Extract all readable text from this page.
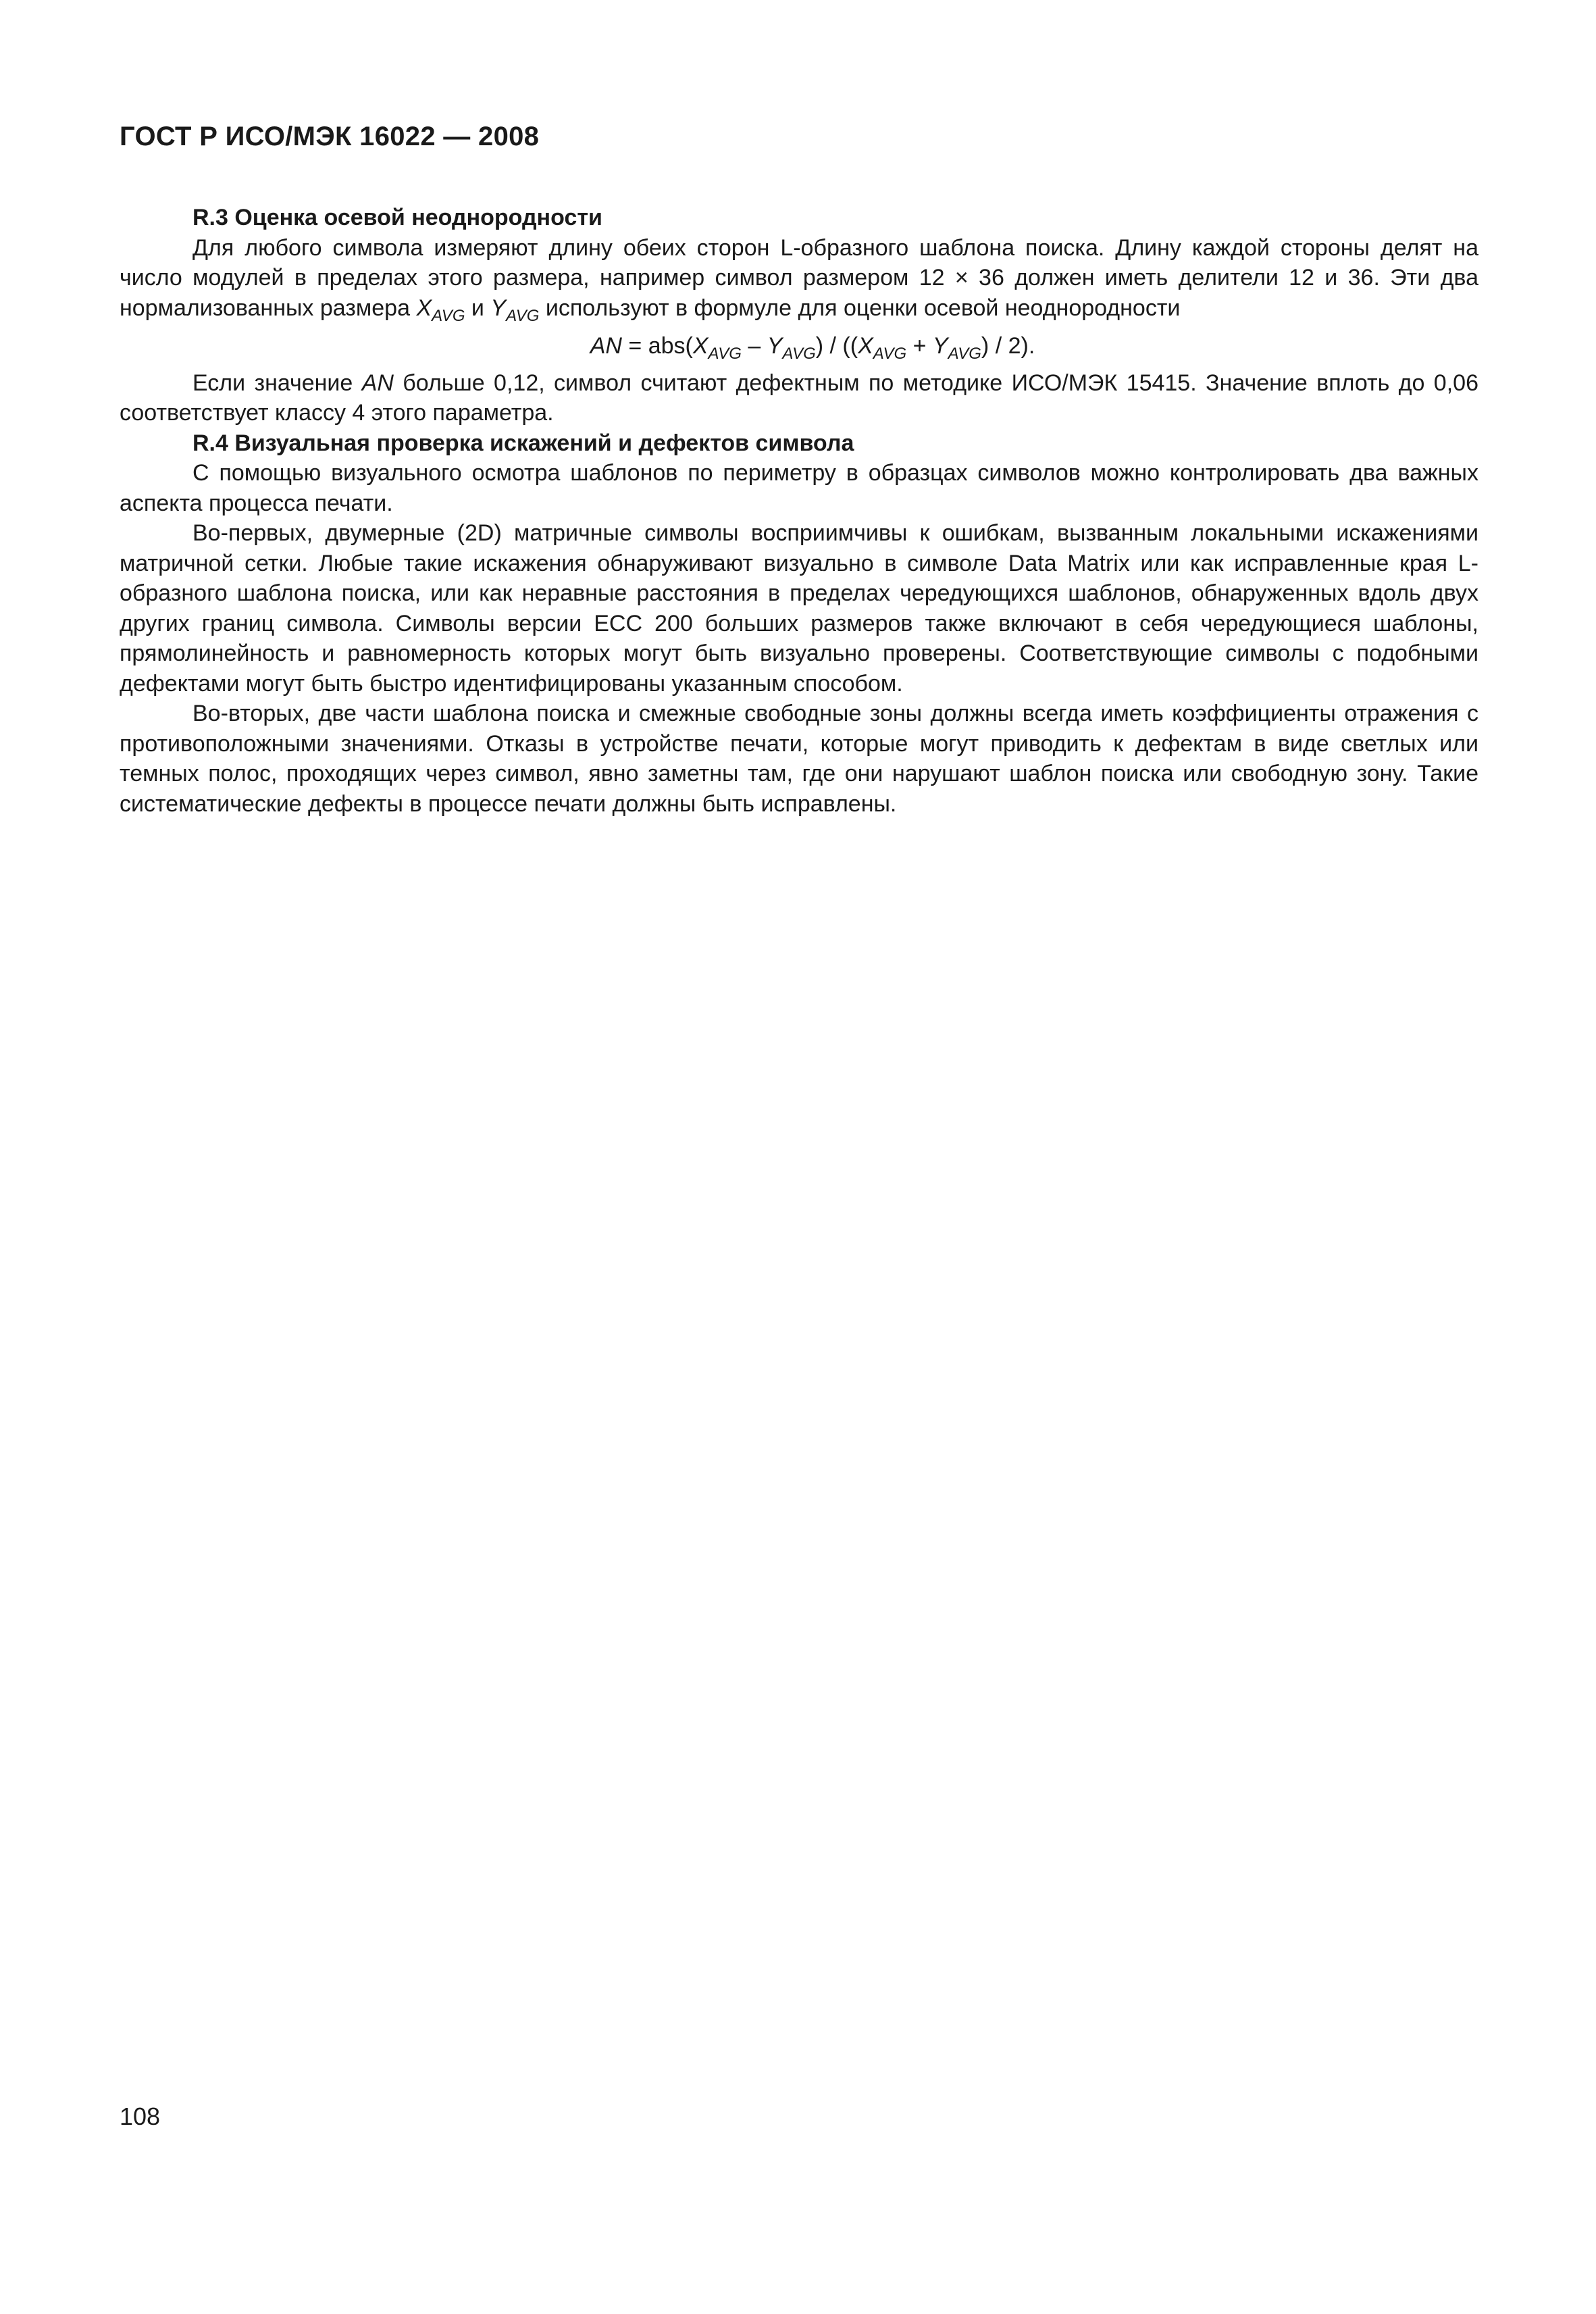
ГОСТ Р ИСО/МЭК 16022 — 2008

R.3 Оценка осевой неоднородности

Для любого символа измеряют длину обеих сторон L-образного шаблона поиска. Длину каждой стороны делят на число модулей в пределах этого размера, например символ размером 12 × 36 должен иметь делители 12 и 36. Эти два нормализованных размера $X_{AVG}$ и $Y_{AVG}$ используют в формуле для оценки осевой неоднородности

AN = $abs(X_{AVG} - Y_{AVG}) / ((X_{AVG} + Y_{AVG}) / 2)$.

Если значение AN больше 0,12, символ считают дефектным по методике ИСО/МЭК 15415. Значение вплоть до 0,06 соответствует классу 4 этого параметра.

R.4 Визуальная проверка искажений и дефектов символа

С помощью визуального осмотра шаблонов по периметру в образцах символов можно контролировать два важных аспекта процесса печати.

Во-первых, двумерные (2D) матричные символы восприимчивы к ошибкам, вызванным локальными искажениями матричной сетки. Любые такие искажения обнаруживают визуально в символе Data Matrix или как исправленные края L-образного шаблона поиска, или как неравные расстояния в пределах чередующихся шаблонов, обнаруженных вдоль двух других границ символа. Символы версии ECC 200 больших размеров также включают в себя чередующиеся шаблоны, прямолинейность и равномерность которых могут быть визуально проверены. Соответствующие символы с подобными дефектами могут быть быстро идентифицированы указанным способом.

Во-вторых, две части шаблона поиска и смежные свободные зоны должны всегда иметь коэффициенты отражения с противоположными значениями. Отказы в устройстве печати, которые могут приводить к дефектам в виде светлых или темных полос, проходящих через символ, явно заметны там, где они нарушают шаблон поиска или свободную зону. Такие систематические дефекты в процессе печати должны быть исправлены.

108
